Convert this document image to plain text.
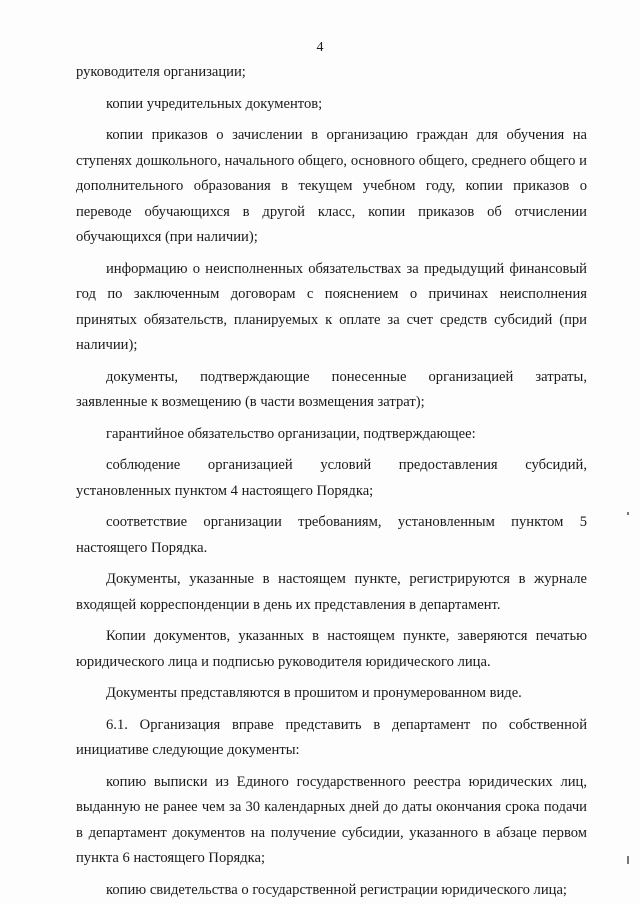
4

руководителя организации;

копии учредительных документов;

копии приказов о зачислении в организацию граждан для обучения на ступенях дошкольного, начального общего, основного общего, среднего общего и дополнительного образования в текущем учебном году, копии приказов о переводе обучающихся в другой класс, копии приказов об отчислении обучающихся (при наличии);

информацию о неисполненных обязательствах за предыдущий финансовый год по заключенным договорам с пояснением о причинах неисполнения принятых обязательств, планируемых к оплате за счет средств субсидий (при наличии);

документы, подтверждающие понесенные организацией затраты, заявленные к возмещению (в части возмещения затрат);

гарантийное обязательство организации, подтверждающее:

соблюдение организацией условий предоставления субсидий, установленных пунктом 4 настоящего Порядка;

соответствие организации требованиям, установленным пунктом 5 настоящего Порядка.

Документы, указанные в настоящем пункте, регистрируются в журнале входящей корреспонденции в день их представления в департамент.

Копии документов, указанных в настоящем пункте, заверяются печатью юридического лица и подписью руководителя юридического лица.

Документы представляются в прошитом и пронумерованном виде.

6.1. Организация вправе представить в департамент по собственной инициативе следующие документы:

копию выписки из Единого государственного реестра юридических лиц, выданную не ранее чем за 30 календарных дней до даты окончания срока подачи в департамент документов на получение субсидии, указанного в абзаце первом пункта 6 настоящего Порядка;

копию свидетельства о государственной регистрации юридического лица;
